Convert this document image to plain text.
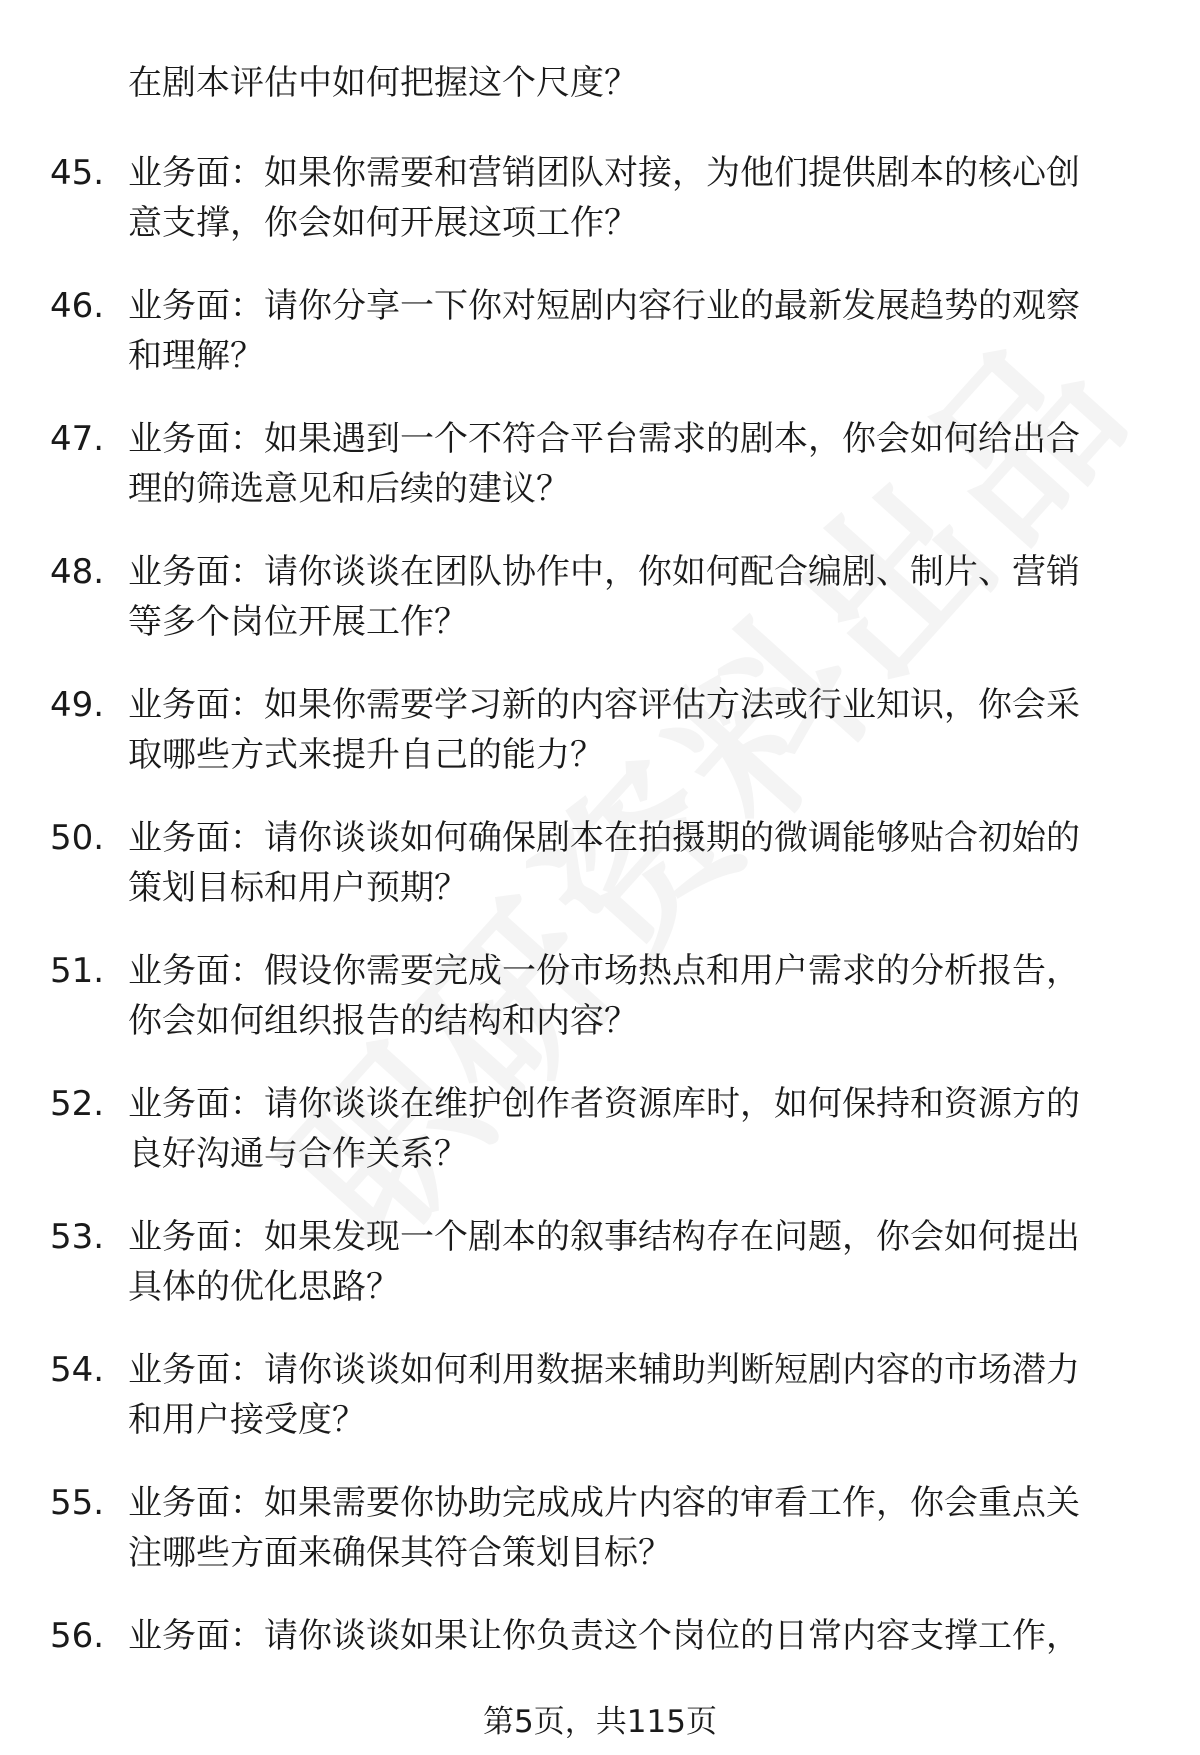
在剧本评估中如何把握这个尺度？
45. 业务面：如果你需要和营销团队对接，为他们提供剧本的核心创
意支撑，你会如何开展这项工作？
46. 业务面：请你分享一下你对短剧内容行业的最新发展趋势的观察
和理解？
47. 业务面：如果遇到一个不符合平台需求的剧本，你会如何给出合
理的筛选意见和后续的建议？
48. 业务面：请你谈谈在团队协作中，你如何配合编剧、制片、营销
等多个岗位开展工作？
49. 业务面：如果你需要学习新的内容评估方法或行业知识，你会采
取哪些方式来提升自己的能力？
50. 业务面：请你谈谈如何确保剧本在拍摄期的微调能够贴合初始的
策划目标和用户预期？
51. 业务面：假设你需要完成一份市场热点和用户需求的分析报告，
你会如何组织报告的结构和内容？
52. 业务面：请你谈谈在维护创作者资源库时，如何保持和资源方的
良好沟通与合作关系？
53. 业务面：如果发现一个剧本的叙事结构存在问题，你会如何提出
具体的优化思路？
54. 业务面：请你谈谈如何利用数据来辅助判断短剧内容的市场潜力
和用户接受度？
55. 业务面：如果需要你协助完成成片内容的审看工作，你会重点关
注哪些方面来确保其符合策划目标？
56. 业务面：请你谈谈如果让你负责这个岗位的日常内容支撑工作，
第5页，共115页
